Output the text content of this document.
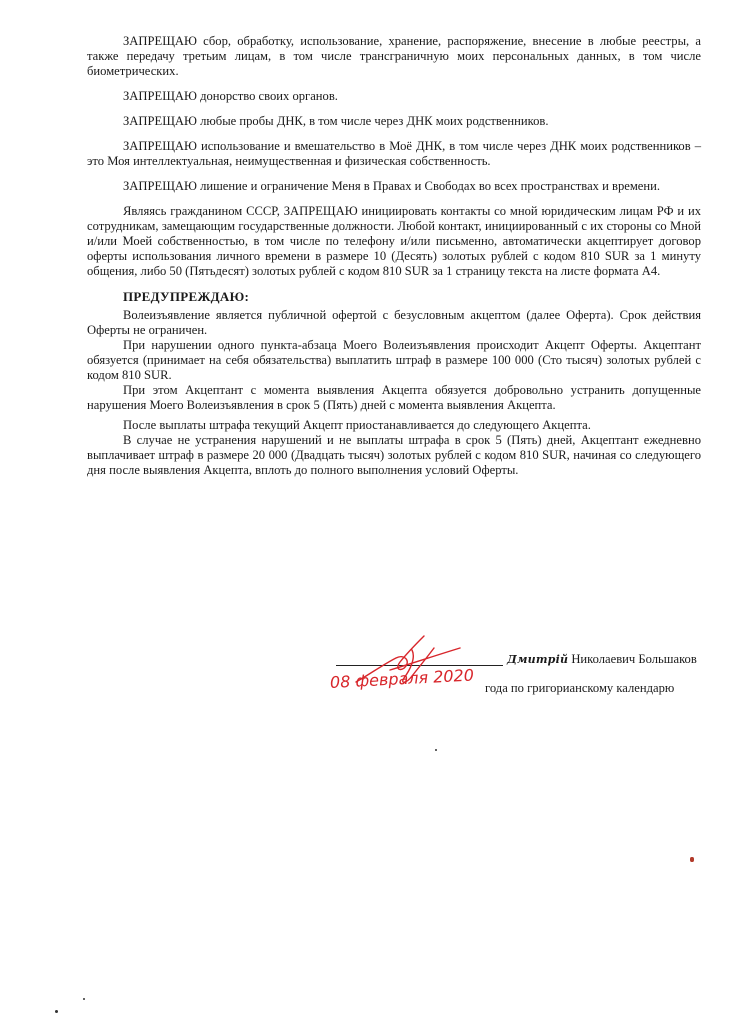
ЗАПРЕЩАЮ сбор, обработку, использование, хранение, распоряжение, внесение в любые реестры, а также передачу третьим лицам, в том числе трансграничную моих персональных данных, в том числе биометрических.

ЗАПРЕЩАЮ донорство своих органов.

ЗАПРЕЩАЮ любые пробы ДНК, в том числе через ДНК моих родственников.

ЗАПРЕЩАЮ использование и вмешательство в Моё ДНК, в том числе через ДНК моих родственников – это Моя интеллектуальная, неимущественная и физическая собственность.

ЗАПРЕЩАЮ лишение и ограничение Меня в Правах и Свободах во всех пространствах и времени.

Являясь гражданином СССР, ЗАПРЕЩАЮ инициировать контакты со мной юридическим лицам РФ и их сотрудникам, замещающим государственные должности. Любой контакт, инициированный с их стороны со Мной и/или Моей собственностью, в том числе по телефону и/или письменно, автоматически акцептирует договор оферты использования личного времени в размере 10 (Десять) золотых рублей с кодом 810 SUR за 1 минуту общения, либо 50 (Пятьдесят) золотых рублей с кодом 810 SUR за 1 страницу текста на листе формата А4.

ПРЕДУПРЕЖДАЮ:

Волеизъявление является публичной офертой с безусловным акцептом (далее Оферта). Срок действия Оферты не ограничен.

При нарушении одного пункта-абзаца Моего Волеизъявления происходит Акцепт Оферты. Акцептант обязуется (принимает на себя обязательства) выплатить штраф в размере 100 000 (Сто тысяч) золотых рублей с кодом 810 SUR.

При этом Акцептант с момента выявления Акцепта обязуется добровольно устранить допущенные нарушения Моего Волеизъявления в срок 5 (Пять) дней с момента выявления Акцепта.

После выплаты штрафа текущий Акцепт приостанавливается до следующего Акцепта.

В случае не устранения нарушений и не выплаты штрафа в срок 5 (Пять) дней, Акцептант ежедневно выплачивает штраф в размере 20 000 (Двадцать тысяч) золотых рублей с кодом 810 SUR, начиная со следующего дня после выявления Акцепта, вплоть до полного выполнения условий Оферты.

Дмитрiй Николаевич Большаков
08 февраля 2020 года по григорианскому календарю
